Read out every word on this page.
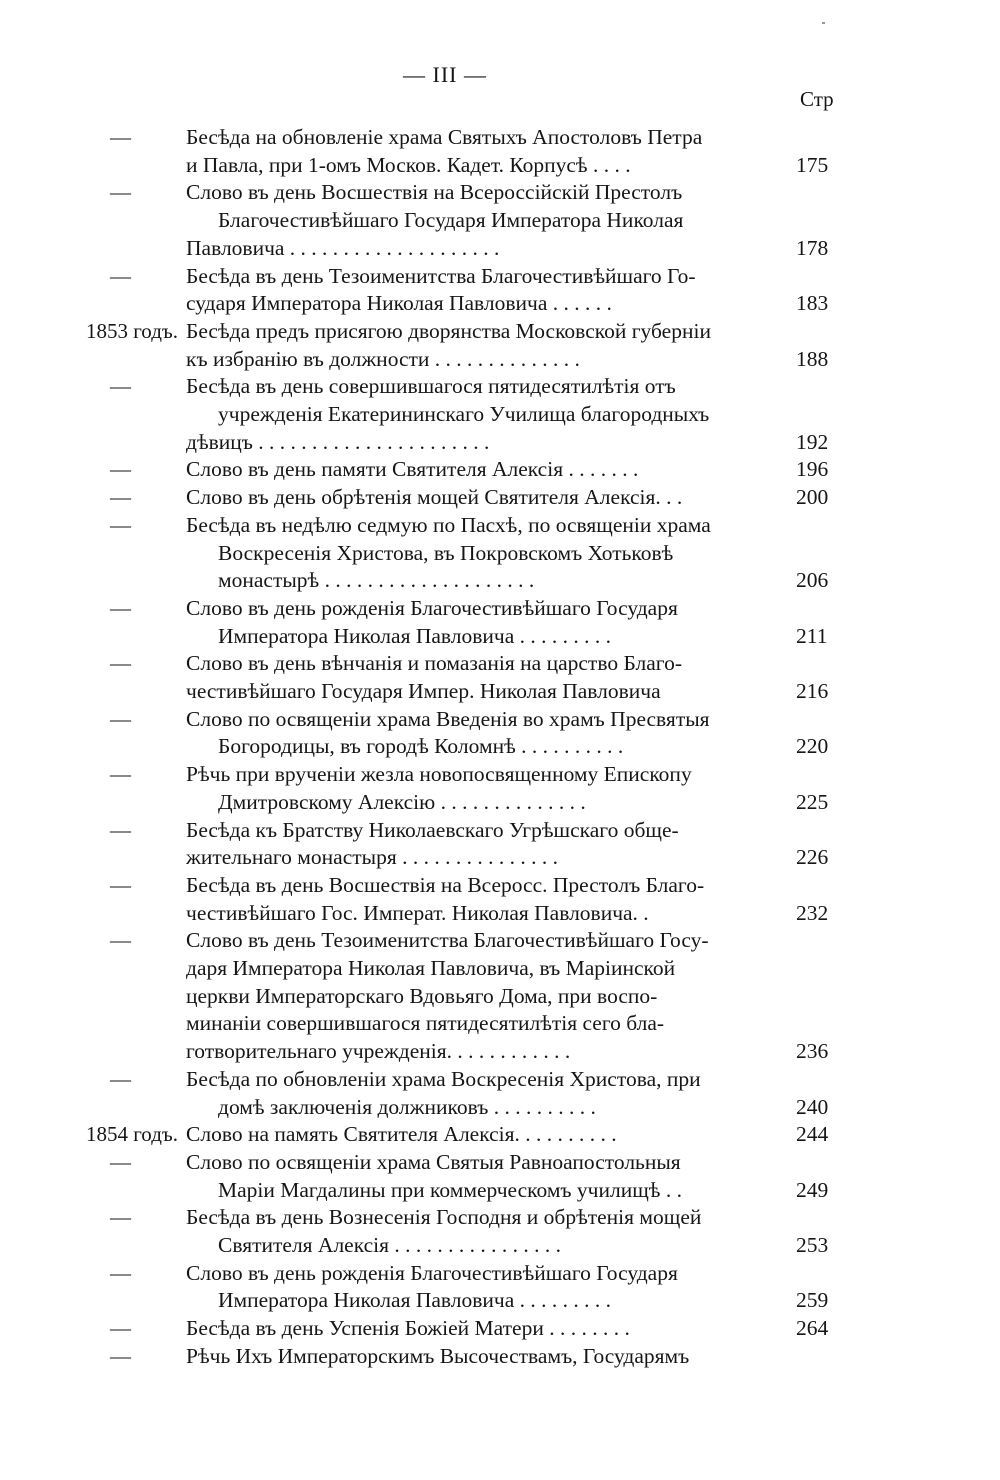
— III —
Стр
—	Бесѣда на обновленіе храма Святыхъ Апостоловъ Петра
и Павла, при 1-омъ Москов. Кадет. Корпусѣ . . . .	175
—	Слово въ день Восшествія на Всероссійскій Престолъ
Благочестивѣйшаго Государя Императора Николая
Павловича . . . . . . . . . . . . . . . . . . . .	178
—	Бесѣда въ день Тезоименитства Благочестивѣйшаго Го-
сударя Императора Николая Павловича . . . . . .	183
1853 годъ. Бесѣда предъ присягою дворянства Московской губерніи
къ избранію въ должности . . . . . . . . . . . . . .	188
—	Бесѣда въ день совершившагося пятидесятилѣтія отъ
учрежденія Екатерининскаго Училища благородныхъ
дѣвицъ . . . . . . . . . . . . . . . . . . . . . .	192
—	Слово въ день памяти Святителя Алексія . . . . . . .	196
—	Слово въ день обрѣтенія мощей Святителя Алексія. . .	200
—	Бесѣда въ недѣлю седмую по Пасхѣ, по освященіи храма
Воскресенія Христова, въ Покровскомъ Хотьковѣ
монастырѣ . . . . . . . . . . . . . . . . . . . .	206
—	Слово въ день рожденія Благочестивѣйшаго Государя
Императора Николая Павловича . . . . . . . . .	211
—	Слово въ день вѣнчанія и помазанія на царство Благо-
честивѣйшаго Государя Импер. Николая Павловича	216
—	Слово по освященіи храма Введенія во храмъ Пресвятыя
Богородицы, въ городѣ Коломнѣ . . . . . . . . . .	220
—	Рѣчь при врученіи жезла новопосвященному Епископу
Дмитровскому Алексію . . . . . . . . . . . . . .	225
—	Бесѣда къ Братству Николаевскаго Угрѣшскаго обще-
жительнаго монастыря . . . . . . . . . . . . . . .	226
—	Бесѣда въ день Восшествія на Всеросс. Престолъ Благо-
честивѣйшаго Гос. Императ. Николая Павловича. .	232
—	Слово въ день Тезоименитства Благочестивѣйшаго Госу-
даря Императора Николая Павловича, въ Маріинской
церкви Императорскаго Вдовьяго Дома, при воспо-
минаніи совершившагося пятидесятилѣтія сего бла-
готворительнаго учрежденія. . . . . . . . . . . .	236
—	Бесѣда по обновленіи храма Воскресенія Христова, при
домѣ заключенія должниковъ . . . . . . . . . .	240
1854 годъ. Слово на память Святителя Алексія. . . . . . . . . .	244
—	Слово по освященіи храма Святыя Равноапостольныя
Маріи Магдалины при коммерческомъ училищѣ . .	249
—	Бесѣда въ день Вознесенія Господня и обрѣтенія мощей
Святителя Алексія . . . . . . . . . . . . . . . .	253
—	Слово въ день рожденія Благочестивѣйшаго Государя
Императора Николая Павловича . . . . . . . . .	259
—	Бесѣда въ день Успенія Божіей Матери . . . . . . . .	264
—	Рѣчь Ихъ Императорскимъ Высочествамъ, Государямъ
